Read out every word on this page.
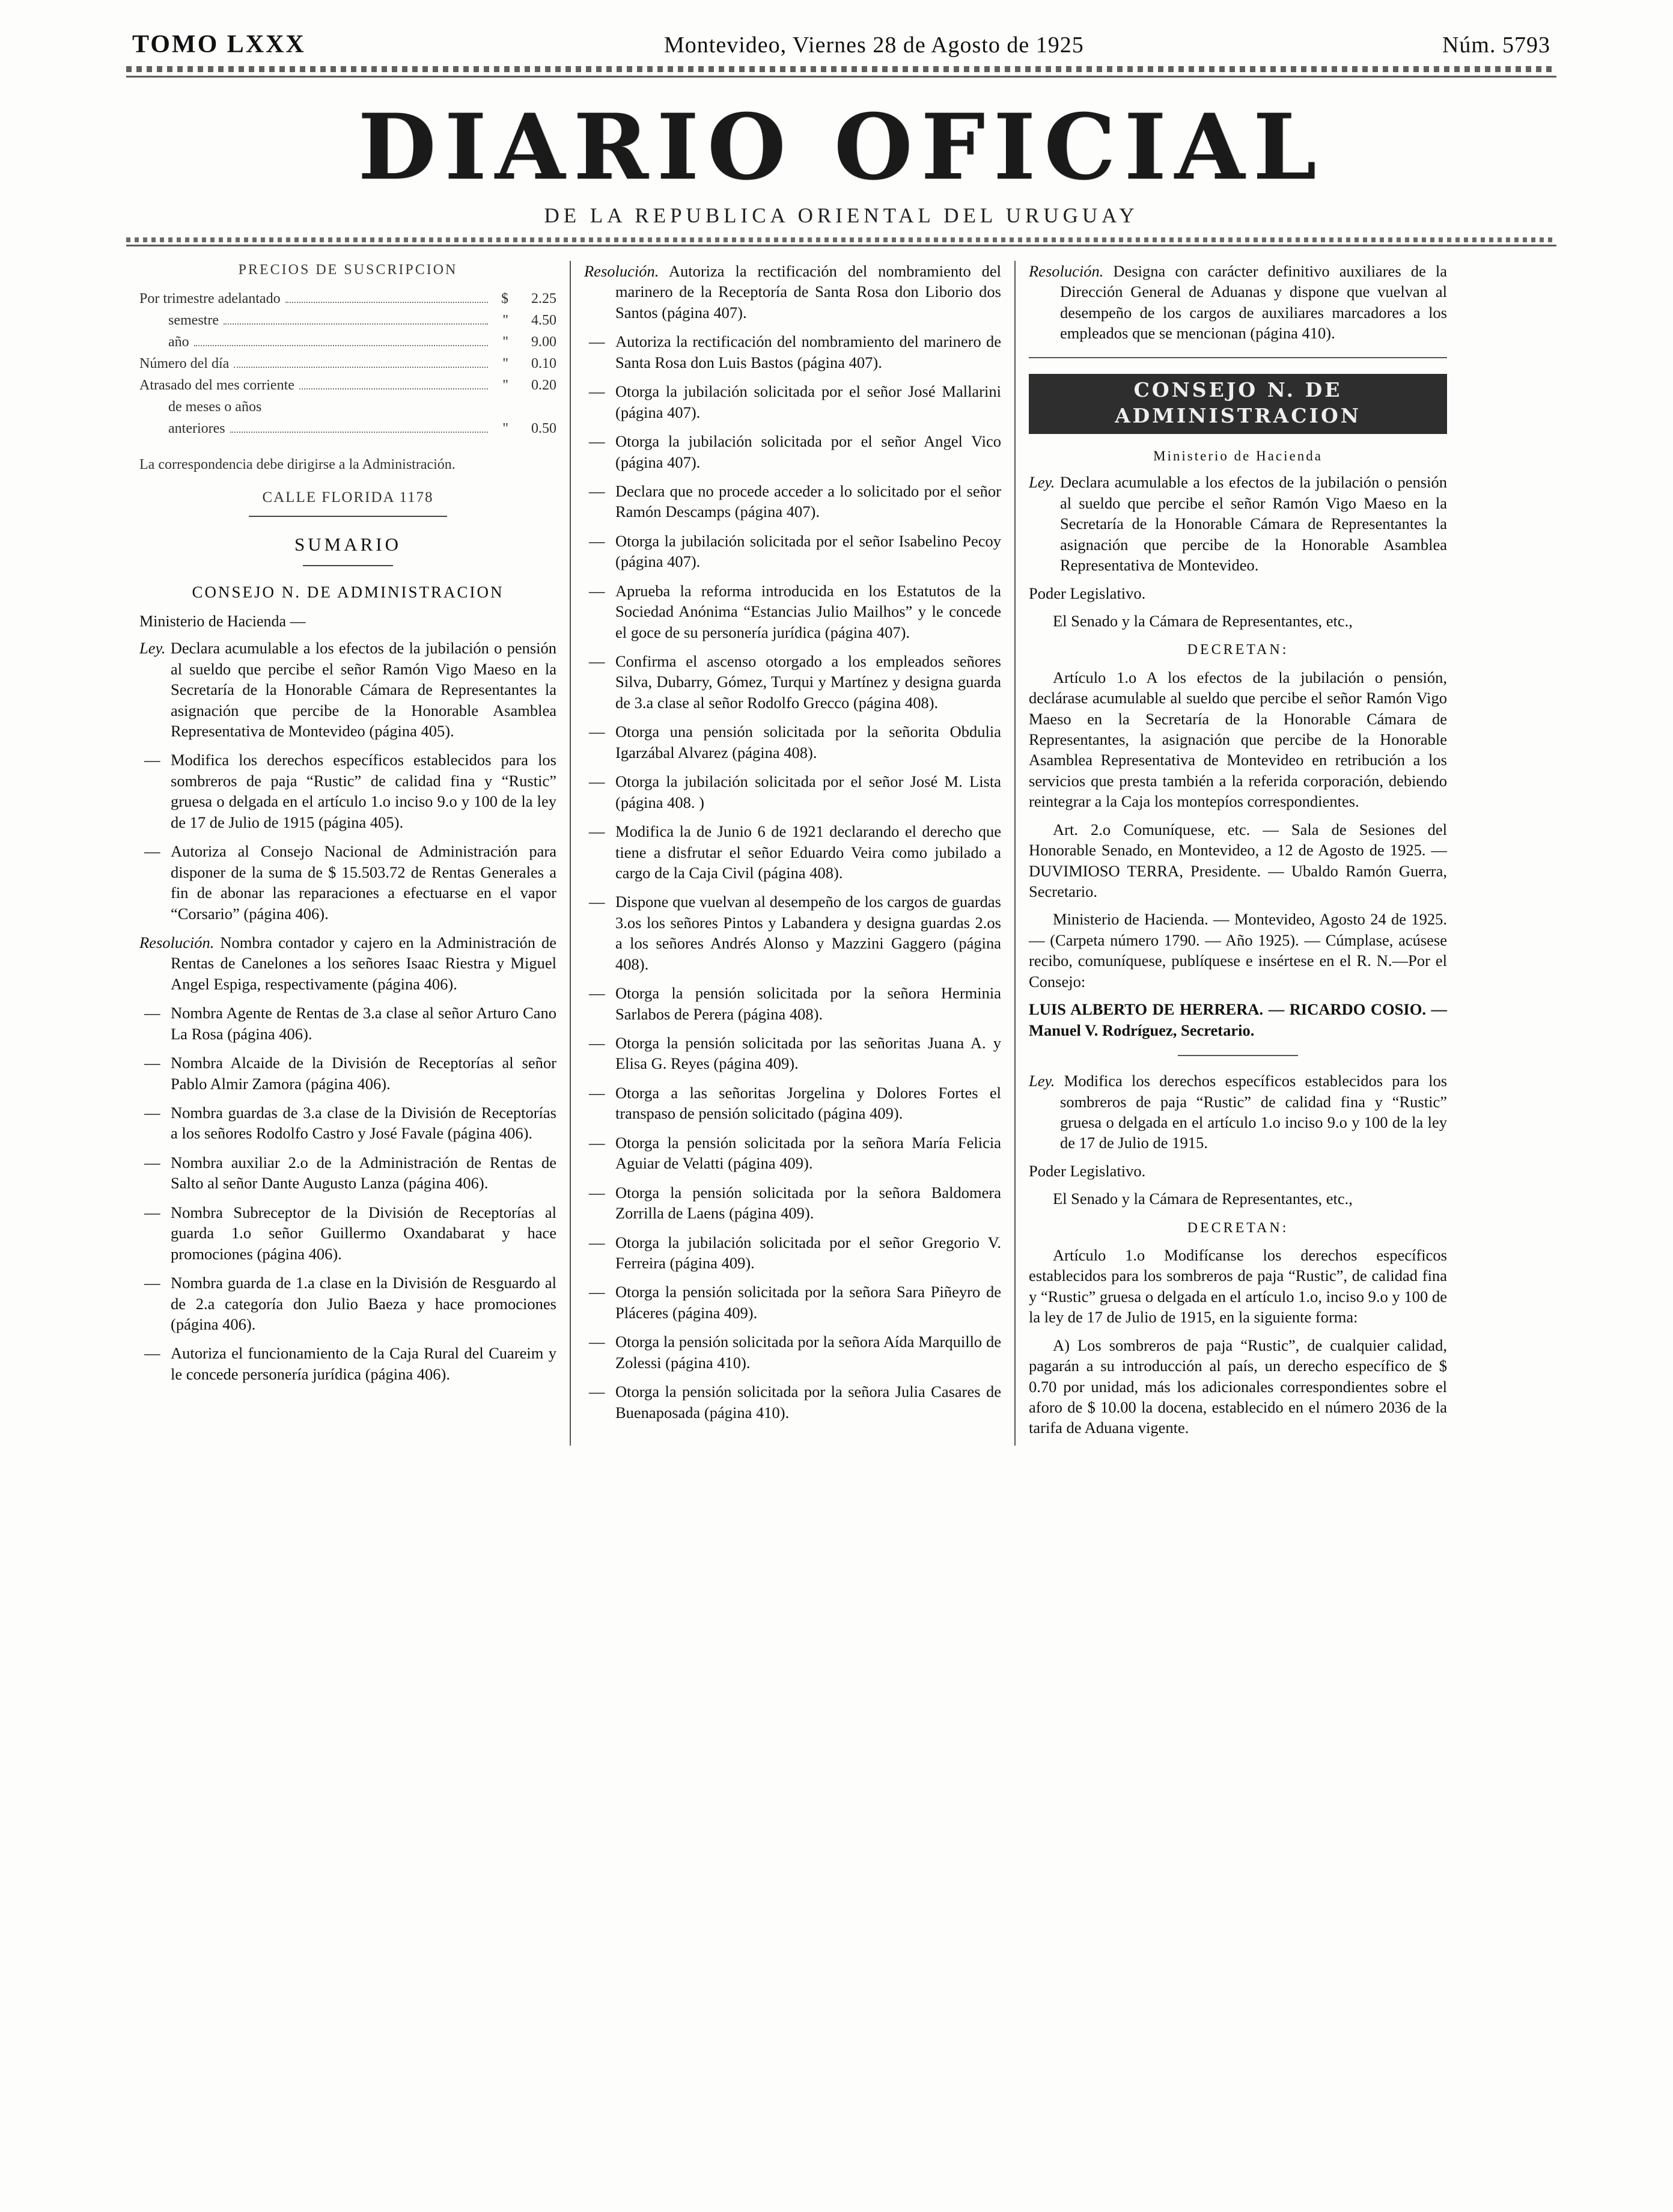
TOMO LXXX	Montevideo, Viernes 28 de Agosto de 1925	Núm. 5793
DIARIO OFICIAL
DE LA REPUBLICA ORIENTAL DEL URUGUAY
PRECIOS DE SUSCRIPCION
Por trimestre adelantado	$	2.25
semestre	"	4.50
año	"	9.00
Número del día	"	0.10
Atrasado del mes corriente	"	0.20
de meses o años
anteriores	"	0.50
La correspondencia debe dirigirse a la Administración.
CALLE FLORIDA 1178
SUMARIO
CONSEJO N. DE ADMINISTRACION
Ministerio de Hacienda —
Ley. Declara acumulable a los efectos de la jubilación o pensión al sueldo que percibe el señor Ramón Vigo Maeso en la Secretaría de la Honorable Cámara de Representantes la asignación que percibe de la Honorable Asamblea Representativa de Montevideo (página 405).
— Modifica los derechos específicos establecidos para los sombreros de paja “Rustic” de calidad fina y “Rustic” gruesa o delgada en el artículo 1.o inciso 9.o y 100 de la ley de 17 de Julio de 1915 (página 405).
— Autoriza al Consejo Nacional de Administración para disponer de la suma de $ 15.503.72 de Rentas Generales a fin de abonar las reparaciones a efectuarse en el vapor “Corsario” (página 406).
Resolución. Nombra contador y cajero en la Administración de Rentas de Canelones a los señores Isaac Riestra y Miguel Angel Espiga, respectivamente (página 406).
— Nombra Agente de Rentas de 3.a clase al señor Arturo Cano La Rosa (página 406).
— Nombra Alcaide de la División de Receptorías al señor Pablo Almir Zamora (página 406).
— Nombra guardas de 3.a clase de la División de Receptorías a los señores Rodolfo Castro y José Favale (página 406).
— Nombra auxiliar 2.o de la Administración de Rentas de Salto al señor Dante Augusto Lanza (página 406).
— Nombra Subreceptor de la División de Receptorías al guarda 1.o señor Guillermo Oxandabarat y hace promociones (página 406).
— Nombra guarda de 1.a clase en la División de Resguardo al de 2.a categoría don Julio Baeza y hace promociones (página 406).
— Autoriza el funcionamiento de la Caja Rural del Cuareim y le concede personería jurídica (página 406).
Resolución. Autoriza la rectificación del nombramiento del marinero de la Receptoría de Santa Rosa don Liborio dos Santos (página 407).
— Autoriza la rectificación del nombramiento del marinero de Santa Rosa don Luis Bastos (página 407).
— Otorga la jubilación solicitada por el señor José Mallarini (página 407).
— Otorga la jubilación solicitada por el señor Angel Vico (página 407).
— Declara que no procede acceder a lo solicitado por el señor Ramón Descamps (página 407).
— Otorga la jubilación solicitada por el señor Isabelino Pecoy (página 407).
— Aprueba la reforma introducida en los Estatutos de la Sociedad Anónima “Estancias Julio Mailhos” y le concede el goce de su personería jurídica (página 407).
— Confirma el ascenso otorgado a los empleados señores Silva, Dubarry, Gómez, Turqui y Martínez y designa guarda de 3.a clase al señor Rodolfo Grecco (página 408).
— Otorga una pensión solicitada por la señorita Obdulia Igarzábal Alvarez (página 408).
— Otorga la jubilación solicitada por el señor José M. Lista (página 408. )
— Modifica la de Junio 6 de 1921 declarando el derecho que tiene a disfrutar el señor Eduardo Veira como jubilado a cargo de la Caja Civil (página 408).
— Dispone que vuelvan al desempeño de los cargos de guardas 3.os los señores Pintos y Labandera y designa guardas 2.os a los señores Andrés Alonso y Mazzini Gaggero (página 408).
— Otorga la pensión solicitada por la señora Herminia Sarlabos de Perera (página 408).
— Otorga la pensión solicitada por las señoritas Juana A. y Elisa G. Reyes (página 409).
— Otorga a las señoritas Jorgelina y Dolores Fortes el transpaso de pensión solicitado (página 409).
— Otorga la pensión solicitada por la señora María Felicia Aguiar de Velatti (página 409).
— Otorga la pensión solicitada por la señora Baldomera Zorrilla de Laens (página 409).
— Otorga la jubilación solicitada por el señor Gregorio V. Ferreira (página 409).
— Otorga la pensión solicitada por la señora Sara Piñeyro de Pláceres (página 409).
— Otorga la pensión solicitada por la señora Aída Marquillo de Zolessi (página 410).
— Otorga la pensión solicitada por la señora Julia Casares de Buenaposada (página 410).
Resolución. Designa con carácter definitivo auxiliares de la Dirección General de Aduanas y dispone que vuelvan al desempeño de los cargos de auxiliares marcadores a los empleados que se mencionan (página 410).
CONSEJO N. DE ADMINISTRACION
Ministerio de Hacienda
Ley. Declara acumulable a los efectos de la jubilación o pensión al sueldo que percibe el señor Ramón Vigo Maeso en la Secretaría de la Honorable Cámara de Representantes la asignación que percibe de la Honorable Asamblea Representativa de Montevideo.
Poder Legislativo.
El Senado y la Cámara de Representantes, etc.,
DECRETAN:
Artículo 1.o A los efectos de la jubilación o pensión, declárase acumulable al sueldo que percibe el señor Ramón Vigo Maeso en la Secretaría de la Honorable Cámara de Representantes, la asignación que percibe de la Honorable Asamblea Representativa de Montevideo en retribución a los servicios que presta también a la referida corporación, debiendo reintegrar a la Caja los montepíos correspondientes.
Art. 2.o Comuníquese, etc. — Sala de Sesiones del Honorable Senado, en Montevideo, a 12 de Agosto de 1925. — DUVIMIOSO TERRA, Presidente. — Ubaldo Ramón Guerra, Secretario.
Ministerio de Hacienda. — Montevideo, Agosto 24 de 1925. — (Carpeta número 1790. — Año 1925). — Cúmplase, acúsese recibo, comuníquese, publíquese e insértese en el R. N.—Por el Consejo:
LUIS ALBERTO DE HERRERA. — RICARDO COSIO. — Manuel V. Rodríguez, Secretario.
Ley. Modifica los derechos específicos establecidos para los sombreros de paja “Rustic” de calidad fina y “Rustic” gruesa o delgada en el artículo 1.o inciso 9.o y 100 de la ley de 17 de Julio de 1915.
Poder Legislativo.
El Senado y la Cámara de Representantes, etc.,
DECRETAN:
Artículo 1.o Modifícanse los derechos específicos establecidos para los sombreros de paja “Rustic”, de calidad fina y “Rustic” gruesa o delgada en el artículo 1.o, inciso 9.o y 100 de la ley de 17 de Julio de 1915, en la siguiente forma:
A) Los sombreros de paja “Rustic”, de cualquier calidad, pagarán a su introducción al país, un derecho específico de $ 0.70 por unidad, más los adicionales correspondientes sobre el aforo de $ 10.00 la docena, establecido en el número 2036 de la tarifa de Aduana vigente.
